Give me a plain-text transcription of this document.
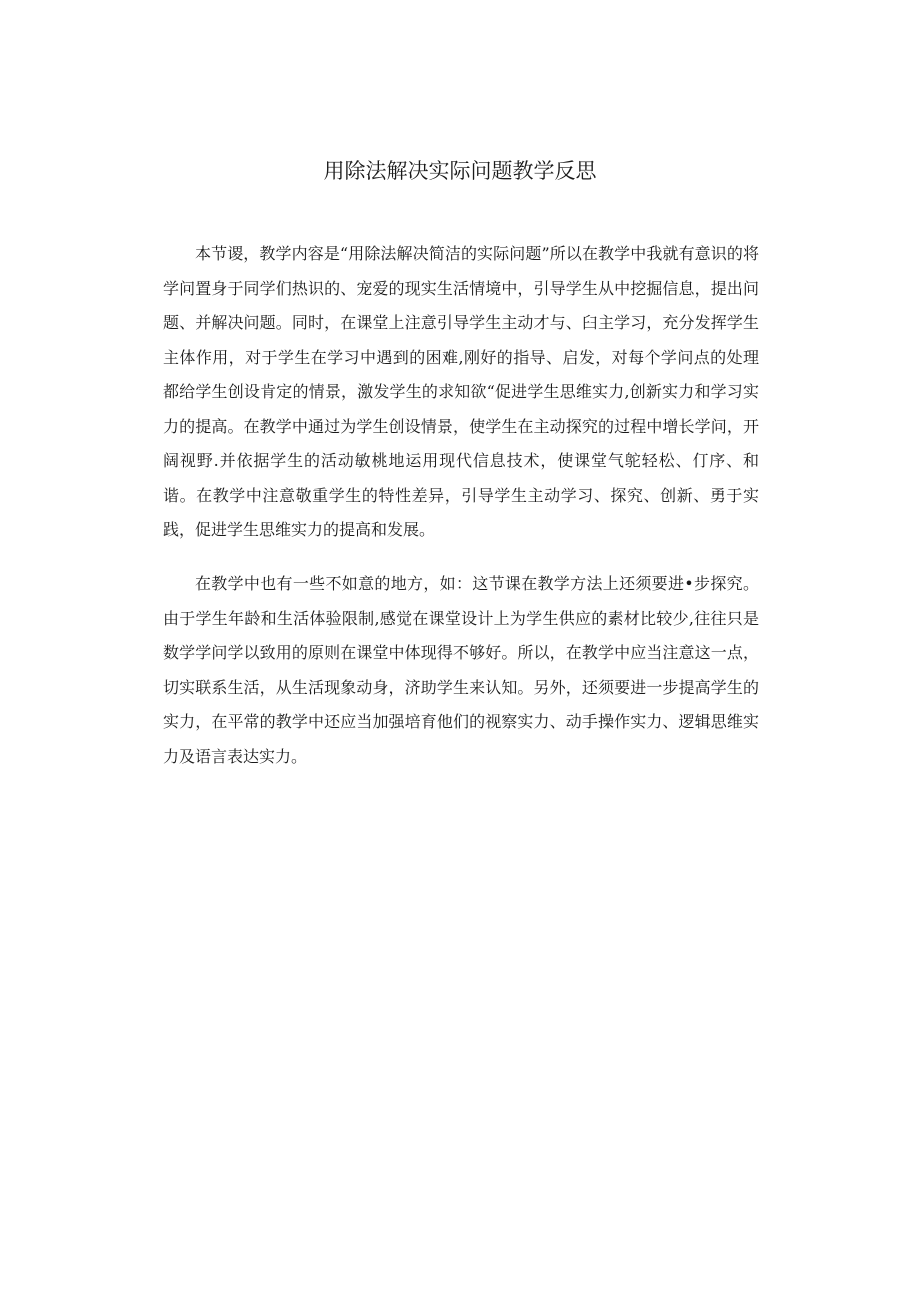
用除法解决实际问题教学反思

本节谡，教学内容是“用除法解决简洁的实际问题”所以在教学中我就有意识的将学问置身于同学们热识的、宠爱的现实生活情境中，引导学生从中挖掘信息，提出问题、并解决问题。同时，在课堂上注意引导学生主动才与、臼主学习，充分发挥学生主体作用，对于学生在学习中遇到的困难,刚好的指导、启发，对每个学问点的处理都给学生创设肯定的情景，激发学生的求知欲“促进学生思维实力,创新实力和学习实力的提高。在教学中通过为学生创设情景，使学生在主动探究的过程中增长学问，开阔视野.并依据学生的活动敏桃地运用现代信息技术，使课堂气鸵轻松、仃序、和谐。在教学中注意敬重学生的特性差异，引导学生主动学习、探究、创新、勇于实践，促进学生思维实力的提高和发展。

在教学中也有一些不如意的地方，如：这节课在教学方法上还须要进•步探究。由于学生年龄和生活体验限制,感觉在课堂设计上为学生供应的素材比较少,往往只是数学学问学以致用的原则在课堂中体现得不够好。所以，在教学中应当注意这一点，切实联系生活，从生活现象动身，济助学生来认知。另外，还须要进一步提高学生的实力，在平常的教学中还应当加强培育他们的视察实力、动手操作实力、逻辑思维实力及语言表达实力。
